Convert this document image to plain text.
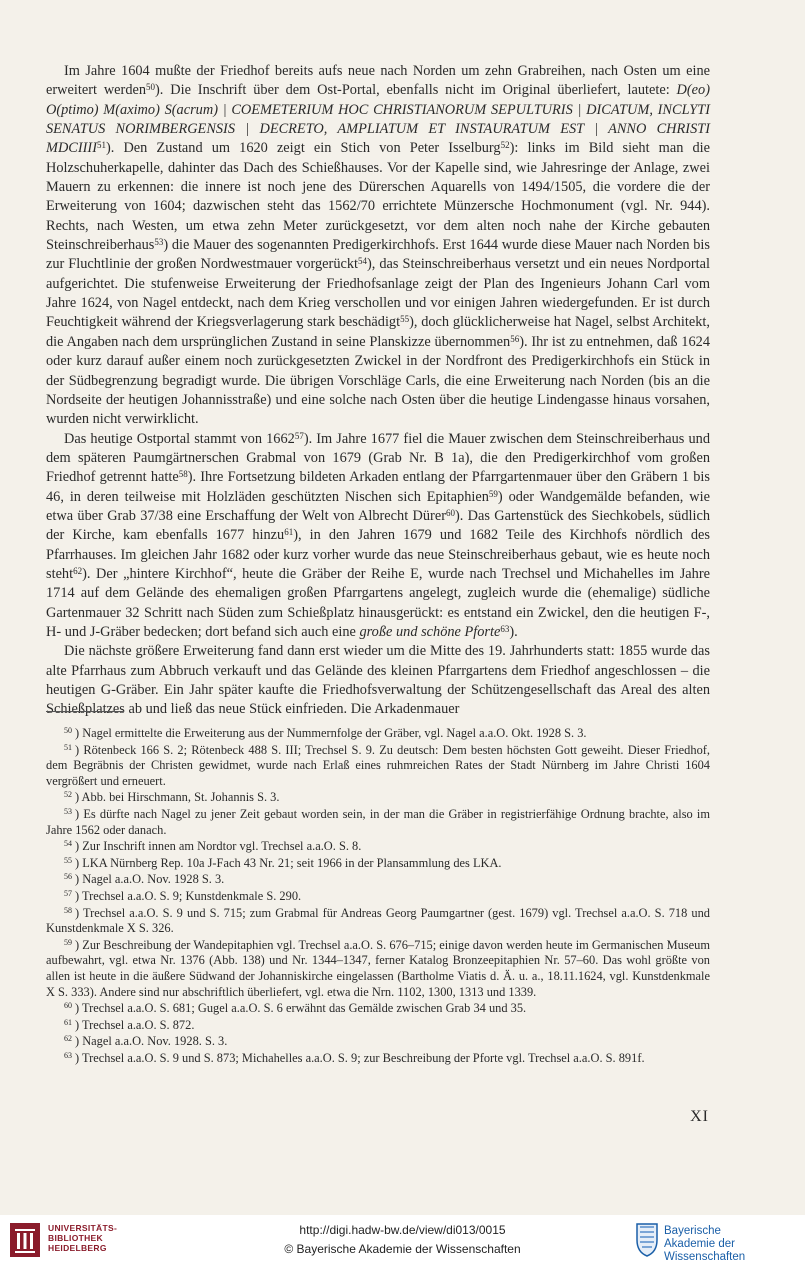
Im Jahre 1604 mußte der Friedhof bereits aufs neue nach Norden um zehn Grabreihen, nach Osten um eine erweitert werden$^{50}$). Die Inschrift über dem Ost-Portal, ebenfalls nicht im Original überliefert, lautete: D(eo) O(ptimo) M(aximo) S(acrum) | COEMETERIUM HOC CHRISTIANORUM SEPULTURIS | DICATUM, INCLYTI SENATUS NORIMBERGENSIS | DECRETO, AMPLIATUM ET INSTAURATUM EST | ANNO CHRISTI MDCIIII$^{51}$). Den Zustand um 1620 zeigt ein Stich von Peter Isselburg$^{52}$): links im Bild sieht man die Holzschuherkapelle, dahinter das Dach des Schießhauses. Vor der Kapelle sind, wie Jahresringe der Anlage, zwei Mauern zu erkennen: die innere ist noch jene des Dürerschen Aquarells von 1494/1505, die vordere die der Erweiterung von 1604; dazwischen steht das 1562/70 errichtete Münzersche Hochmonument (vgl. Nr. 944). Rechts, nach Westen, um etwa zehn Meter zurückgesetzt, vor dem alten noch nahe der Kirche gebauten Steinschreiberhaus$^{53}$) die Mauer des sogenannten Predigerkirchhofs. Erst 1644 wurde diese Mauer nach Norden bis zur Fluchtlinie der großen Nordwestmauer vorgerückt$^{54}$), das Steinschreiberhaus versetzt und ein neues Nordportal aufgerichtet. Die stufenweise Erweiterung der Friedhofsanlage zeigt der Plan des Ingenieurs Johann Carl vom Jahre 1624, von Nagel entdeckt, nach dem Krieg verschollen und vor einigen Jahren wiedergefunden. Er ist durch Feuchtigkeit während der Kriegsverlagerung stark beschädigt$^{55}$), doch glücklicherweise hat Nagel, selbst Architekt, die Angaben nach dem ursprünglichen Zustand in seine Planskizze übernommen$^{56}$). Ihr ist zu entnehmen, daß 1624 oder kurz darauf außer einem noch zurückgesetzten Zwickel in der Nordfront des Predigerkirchhofs ein Stück in der Südbegrenzung begradigt wurde. Die übrigen Vorschläge Carls, die eine Erweiterung nach Norden (bis an die Nordseite der heutigen Johannisstraße) und eine solche nach Osten über die heutige Lindengasse hinaus vorsahen, wurden nicht verwirklicht.

Das heutige Ostportal stammt von 1662$^{57}$). Im Jahre 1677 fiel die Mauer zwischen dem Steinschreiberhaus und dem späteren Paumgärtnerschen Grabmal von 1679 (Grab Nr. B 1a), die den Predigerkirchhof vom großen Friedhof getrennt hatte$^{58}$). Ihre Fortsetzung bildeten Arkaden entlang der Pfarrgartenmauer über den Gräbern 1 bis 46, in deren teilweise mit Holzläden geschützten Nischen sich Epitaphien$^{59}$) oder Wandgemälde befanden, wie etwa über Grab 37/38 eine Erschaffung der Welt von Albrecht Dürer$^{60}$). Das Gartenstück des Siechkobels, südlich der Kirche, kam ebenfalls 1677 hinzu$^{61}$), in den Jahren 1679 und 1682 Teile des Kirchhofs nördlich des Pfarrhauses. Im gleichen Jahr 1682 oder kurz vorher wurde das neue Steinschreiberhaus gebaut, wie es heute noch steht$^{62}$). Der „hintere Kirchhof“, heute die Gräber der Reihe E, wurde nach Trechsel und Michahelles im Jahre 1714 auf dem Gelände des ehemaligen großen Pfarrgartens angelegt, zugleich wurde die (ehemalige) südliche Gartenmauer 32 Schritt nach Süden zum Schießplatz hinausgerückt: es entstand ein Zwickel, den die heutigen F-, H- und J-Gräber bedecken; dort befand sich auch eine große und schöne Pforte$^{63}$).

Die nächste größere Erweiterung fand dann erst wieder um die Mitte des 19. Jahrhunderts statt: 1855 wurde das alte Pfarrhaus zum Abbruch verkauft und das Gelände des kleinen Pfarrgartens dem Friedhof angeschlossen – die heutigen G-Gräber. Ein Jahr später kaufte die Friedhofsverwaltung der Schützengesellschaft das Areal des alten Schießplatzes ab und ließ das neue Stück einfrieden. Die Arkadenmauer

$^{50}$ ) Nagel ermittelte die Erweiterung aus der Nummernfolge der Gräber, vgl. Nagel a.a.O. Okt. 1928 S. 3.

$^{51}$ ) Rötenbeck 166 S. 2; Rötenbeck 488 S. III; Trechsel S. 9. Zu deutsch: Dem besten höchsten Gott geweiht. Dieser Friedhof, dem Begräbnis der Christen gewidmet, wurde nach Erlaß eines ruhmreichen Rates der Stadt Nürnberg im Jahre Christi 1604 vergrößert und erneuert.

$^{52}$ ) Abb. bei Hirschmann, St. Johannis S. 3.

$^{53}$ ) Es dürfte nach Nagel zu jener Zeit gebaut worden sein, in der man die Gräber in registrierfähige Ordnung brachte, also im Jahre 1562 oder danach.

$^{54}$ ) Zur Inschrift innen am Nordtor vgl. Trechsel a.a.O. S. 8.

$^{55}$ ) LKA Nürnberg Rep. 10a J-Fach 43 Nr. 21; seit 1966 in der Plansammlung des LKA.

$^{56}$ ) Nagel a.a.O. Nov. 1928 S. 3.

$^{57}$ ) Trechsel a.a.O. S. 9; Kunstdenkmale S. 290.

$^{58}$ ) Trechsel a.a.O. S. 9 und S. 715; zum Grabmal für Andreas Georg Paumgartner (gest. 1679) vgl. Trechsel a.a.O. S. 718 und Kunstdenkmale X S. 326.

$^{59}$ ) Zur Beschreibung der Wandepitaphien vgl. Trechsel a.a.O. S. 676–715; einige davon werden heute im Germanischen Museum aufbewahrt, vgl. etwa Nr. 1376 (Abb. 138) und Nr. 1344–1347, ferner Katalog Bronzeepitaphien Nr. 57–60. Das wohl größte von allen ist heute in die äußere Südwand der Johanniskirche eingelassen (Bartholme Viatis d. Ä. u. a., 18.11.1624, vgl. Kunstdenkmale X S. 333). Andere sind nur abschriftlich überliefert, vgl. etwa die Nrn. 1102, 1300, 1313 und 1339.

$^{60}$ ) Trechsel a.a.O. S. 681; Gugel a.a.O. S. 6 erwähnt das Gemälde zwischen Grab 34 und 35.

$^{61}$ ) Trechsel a.a.O. S. 872.

$^{62}$ ) Nagel a.a.O. Nov. 1928. S. 3.

$^{63}$ ) Trechsel a.a.O. S. 9 und S. 873; Michahelles a.a.O. S. 9; zur Beschreibung der Pforte vgl. Trechsel a.a.O. S. 891f.

XI
UNIVERSITÄTS-
BIBLIOTHEK
HEIDELBERG
http://digi.hadw-bw.de/view/di013/0015
© Bayerische Akademie der Wissenschaften
Bayerische
Akademie der Wissenschaften
